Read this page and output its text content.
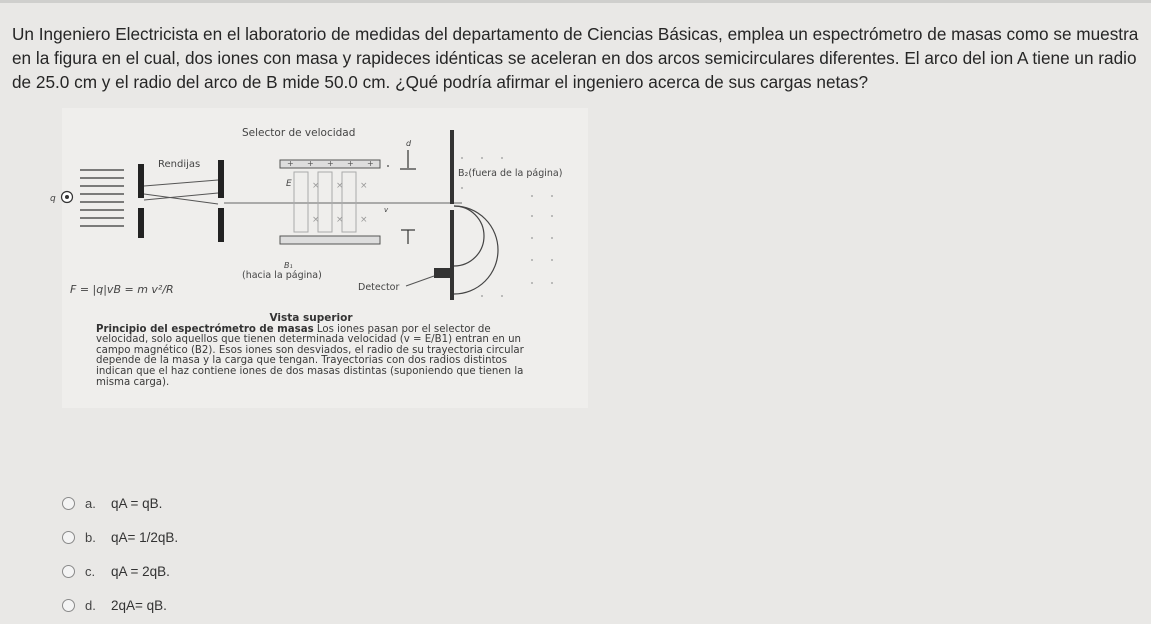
Un Ingeniero Electricista en el laboratorio de medidas del departamento de Ciencias Básicas, emplea un espectrómetro de masas como se muestra en la figura en el cual, dos iones con masa y rapideces idénticas se aceleran en dos arcos semicirculares diferentes. El arco del ion A tiene un radio de 25.0 cm y el radio del arco de B mide 50.0 cm. ¿Qué podría afirmar el ingeniero acerca de sus cargas netas?
q
Rendijas
Selector de velocidad
+ + + + +
× × ×
× × ×
E
v
B₁
(hacia la página)
d
B₂(fuera de la página)
Detector
F = |q|vB = m v²/R
Vista superior
Principio del espectrómetro de masas Los iones pasan por el selector de velocidad, solo aquellos que tienen determinada velocidad (v = E/B1) entran en un campo magnético (B2). Esos iones son desviados, el radio de su trayectoria circular depende de la masa y la carga que tengan. Trayectorias con dos radios distintos indican que el haz contiene iones de dos masas distintas (suponiendo que tienen la misma carga).
a.	qA = qB.
b.	qA= 1/2qB.
c.	qA = 2qB.
d.	2qA= qB.
